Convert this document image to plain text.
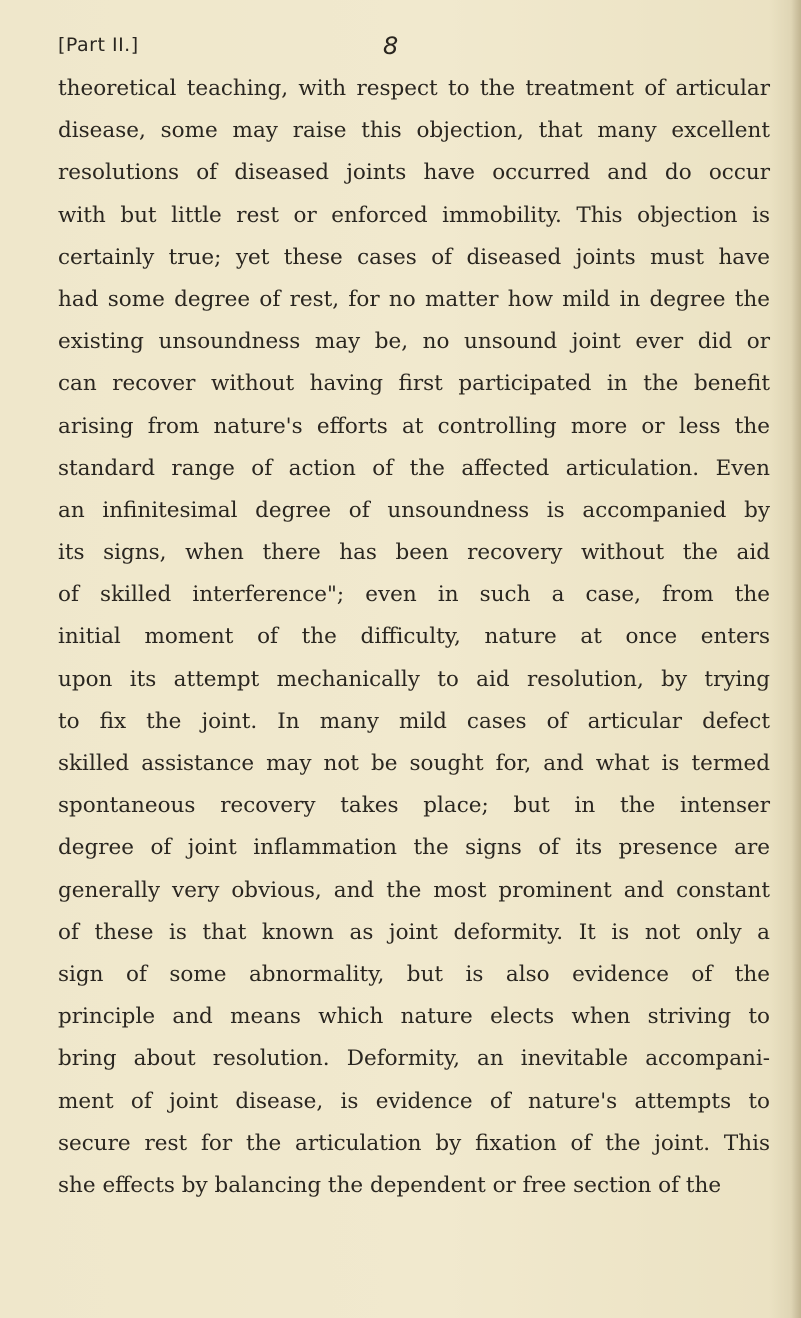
[Part II.]	8
theoretical teaching, with respect to the treatment of articular
disease, some may raise this objection, that many excellent
resolutions of diseased joints have occurred and do occur
with but little rest or enforced immobility. This objection is
certainly true; yet these cases of diseased joints must have
had some degree of rest, for no matter how mild in degree the
existing unsoundness may be, no unsound joint ever did or
can recover without having first participated in the benefit
arising from nature's efforts at controlling more or less the
standard range of action of the affected articulation. Even
an infinitesimal degree of unsoundness is accompanied by
its signs, when there has been recovery without the aid
of skilled interference"; even in such a case, from the
initial moment of the difficulty, nature at once enters
upon its attempt mechanically to aid resolution, by trying
to fix the joint. In many mild cases of articular defect
skilled assistance may not be sought for, and what is termed
spontaneous recovery takes place; but in the intenser
degree of joint inflammation the signs of its presence are
generally very obvious, and the most prominent and constant
of these is that known as joint deformity. It is not only a
sign of some abnormality, but is also evidence of the
principle and means which nature elects when striving to
bring about resolution. Deformity, an inevitable accompani-
ment of joint disease, is evidence of nature's attempts to
secure rest for the articulation by fixation of the joint. This
she effects by balancing the dependent or free section of the
